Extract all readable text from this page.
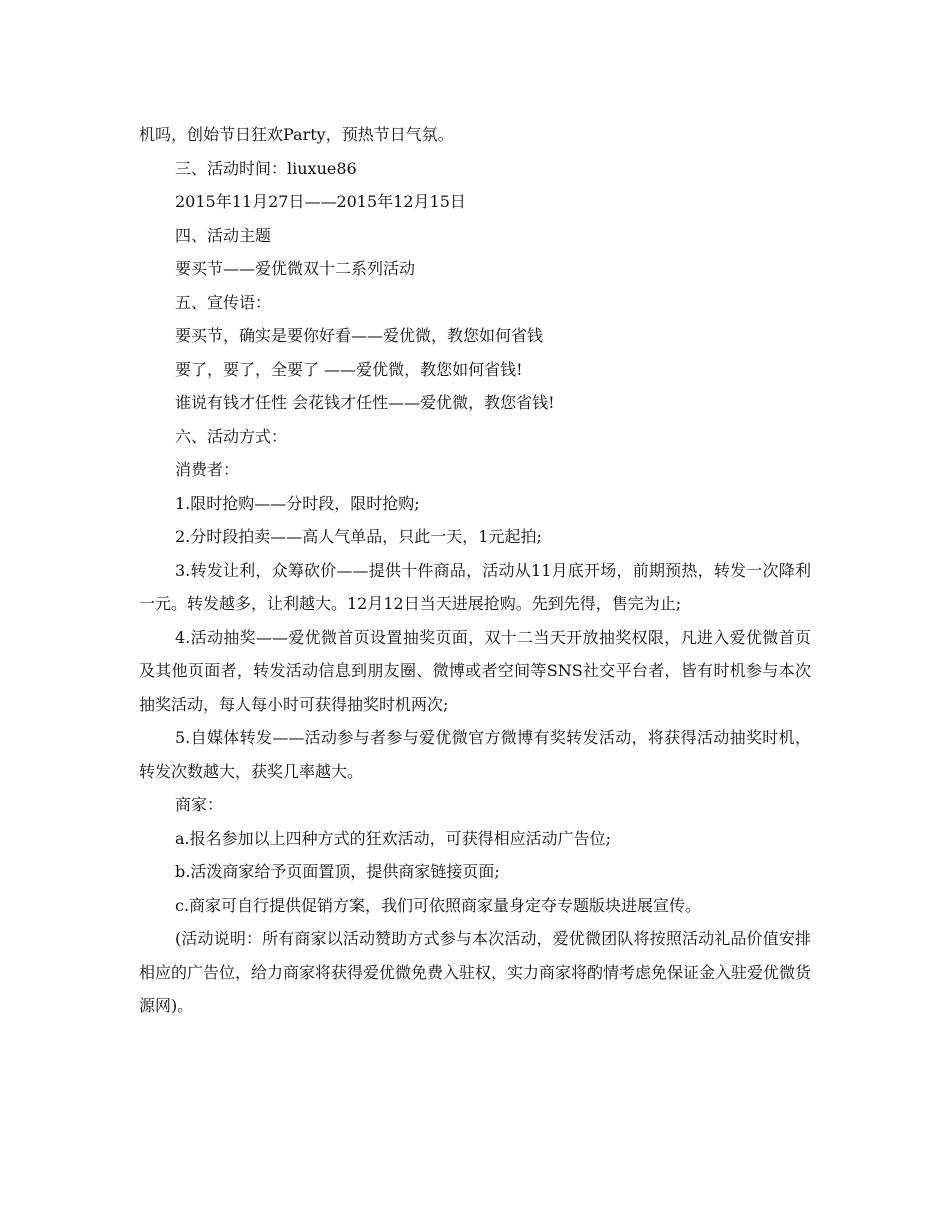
机吗，创始节日狂欢Party，预热节日气氛。

三、活动时间：liuxue86

2015年11月27日——2015年12月15日

四、活动主题

要买节——爱优微双十二系列活动

五、宣传语：

要买节，确实是要你好看——爱优微，教您如何省钱

要了，要了，全要了 ——爱优微，教您如何省钱!

谁说有钱才任性 会花钱才任性——爱优微，教您省钱!

六、活动方式：

消费者：

1.限时抢购——分时段，限时抢购;

2.分时段拍卖——高人气单品，只此一天，1元起拍;

3.转发让利，众筹砍价——提供十件商品，活动从11月底开场，前期预热，转发一次降利一元。转发越多，让利越大。12月12日当天进展抢购。先到先得，售完为止;

4.活动抽奖——爱优微首页设置抽奖页面，双十二当天开放抽奖权限，凡进入爱优微首页及其他页面者，转发活动信息到朋友圈、微博或者空间等SNS社交平台者，皆有时机参与本次抽奖活动，每人每小时可获得抽奖时机两次;

5.自媒体转发——活动参与者参与爱优微官方微博有奖转发活动，将获得活动抽奖时机，转发次数越大，获奖几率越大。

商家：

a.报名参加以上四种方式的狂欢活动，可获得相应活动广告位;

b.活泼商家给予页面置顶，提供商家链接页面;

c.商家可自行提供促销方案，我们可依照商家量身定夺专题版块进展宣传。

(活动说明：所有商家以活动赞助方式参与本次活动，爱优微团队将按照活动礼品价值安排相应的广告位，给力商家将获得爱优微免费入驻权，实力商家将酌情考虑免保证金入驻爱优微货源网)。
